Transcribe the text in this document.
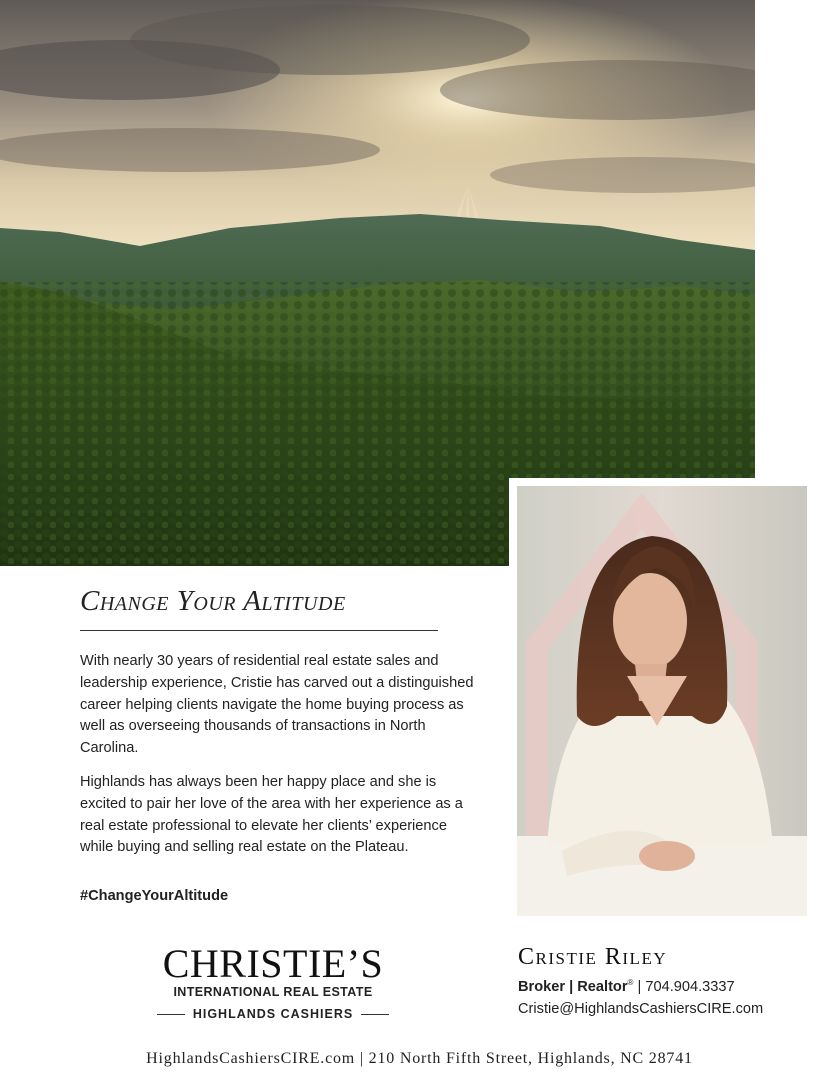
Change Your Altitude

With nearly 30 years of residential real estate sales and leadership experience, Cristie has carved out a distinguished career helping clients navigate the home buying process as well as overseeing thousands of transactions in North Carolina.

Highlands has always been her happy place and she is excited to pair her love of the area with her experience as a real estate professional to elevate her clients’ experience while buying and selling real estate on the Plateau.

#ChangeYourAltitude
CHRISTIE’S
INTERNATIONAL REAL ESTATE
HIGHLANDS CASHIERS
Cristie Riley
Broker | Realtor® | 704.904.3337
Cristie@HighlandsCashiersCIRE.com
HighlandsCashiersCIRE.com | 210 North Fifth Street, Highlands, NC 28741
